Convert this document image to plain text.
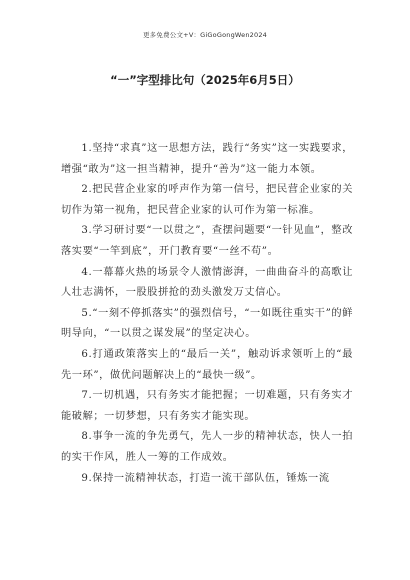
更多免费公文+V：GiGoGongWen2024
“一”字型排比句（2025年6月5日）

1.坚持“求真”这一思想方法，践行“务实”这一实践要求，增强“敢为”这一担当精神，提升“善为”这一能力本领。

2.把民营企业家的呼声作为第一信号，把民营企业家的关切作为第一视角，把民营企业家的认可作为第一标准。

3.学习研讨要“一以贯之”，查摆问题要“一针见血”，整改落实要“一竿到底”，开门教育要“一丝不苟”。

4.一幕幕火热的场景令人激情澎湃，一曲曲奋斗的高歌让人壮志满怀，一股股拼抢的劲头激发万丈信心。

5.“一刻不停抓落实”的强烈信号，“一如既往重实干”的鲜明导向，“一以贯之谋发展”的坚定决心。

6.打通政策落实上的“最后一关”，触动诉求领听上的“最先一环”，做优问题解决上的“最快一级”。

7.一切机遇，只有务实才能把握；一切难题，只有务实才能破解；一切梦想，只有务实才能实现。

8.事争一流的争先勇气，先人一步的精神状态，快人一拍的实干作风，胜人一筹的工作成效。

9.保持一流精神状态，打造一流干部队伍，锤炼一流
